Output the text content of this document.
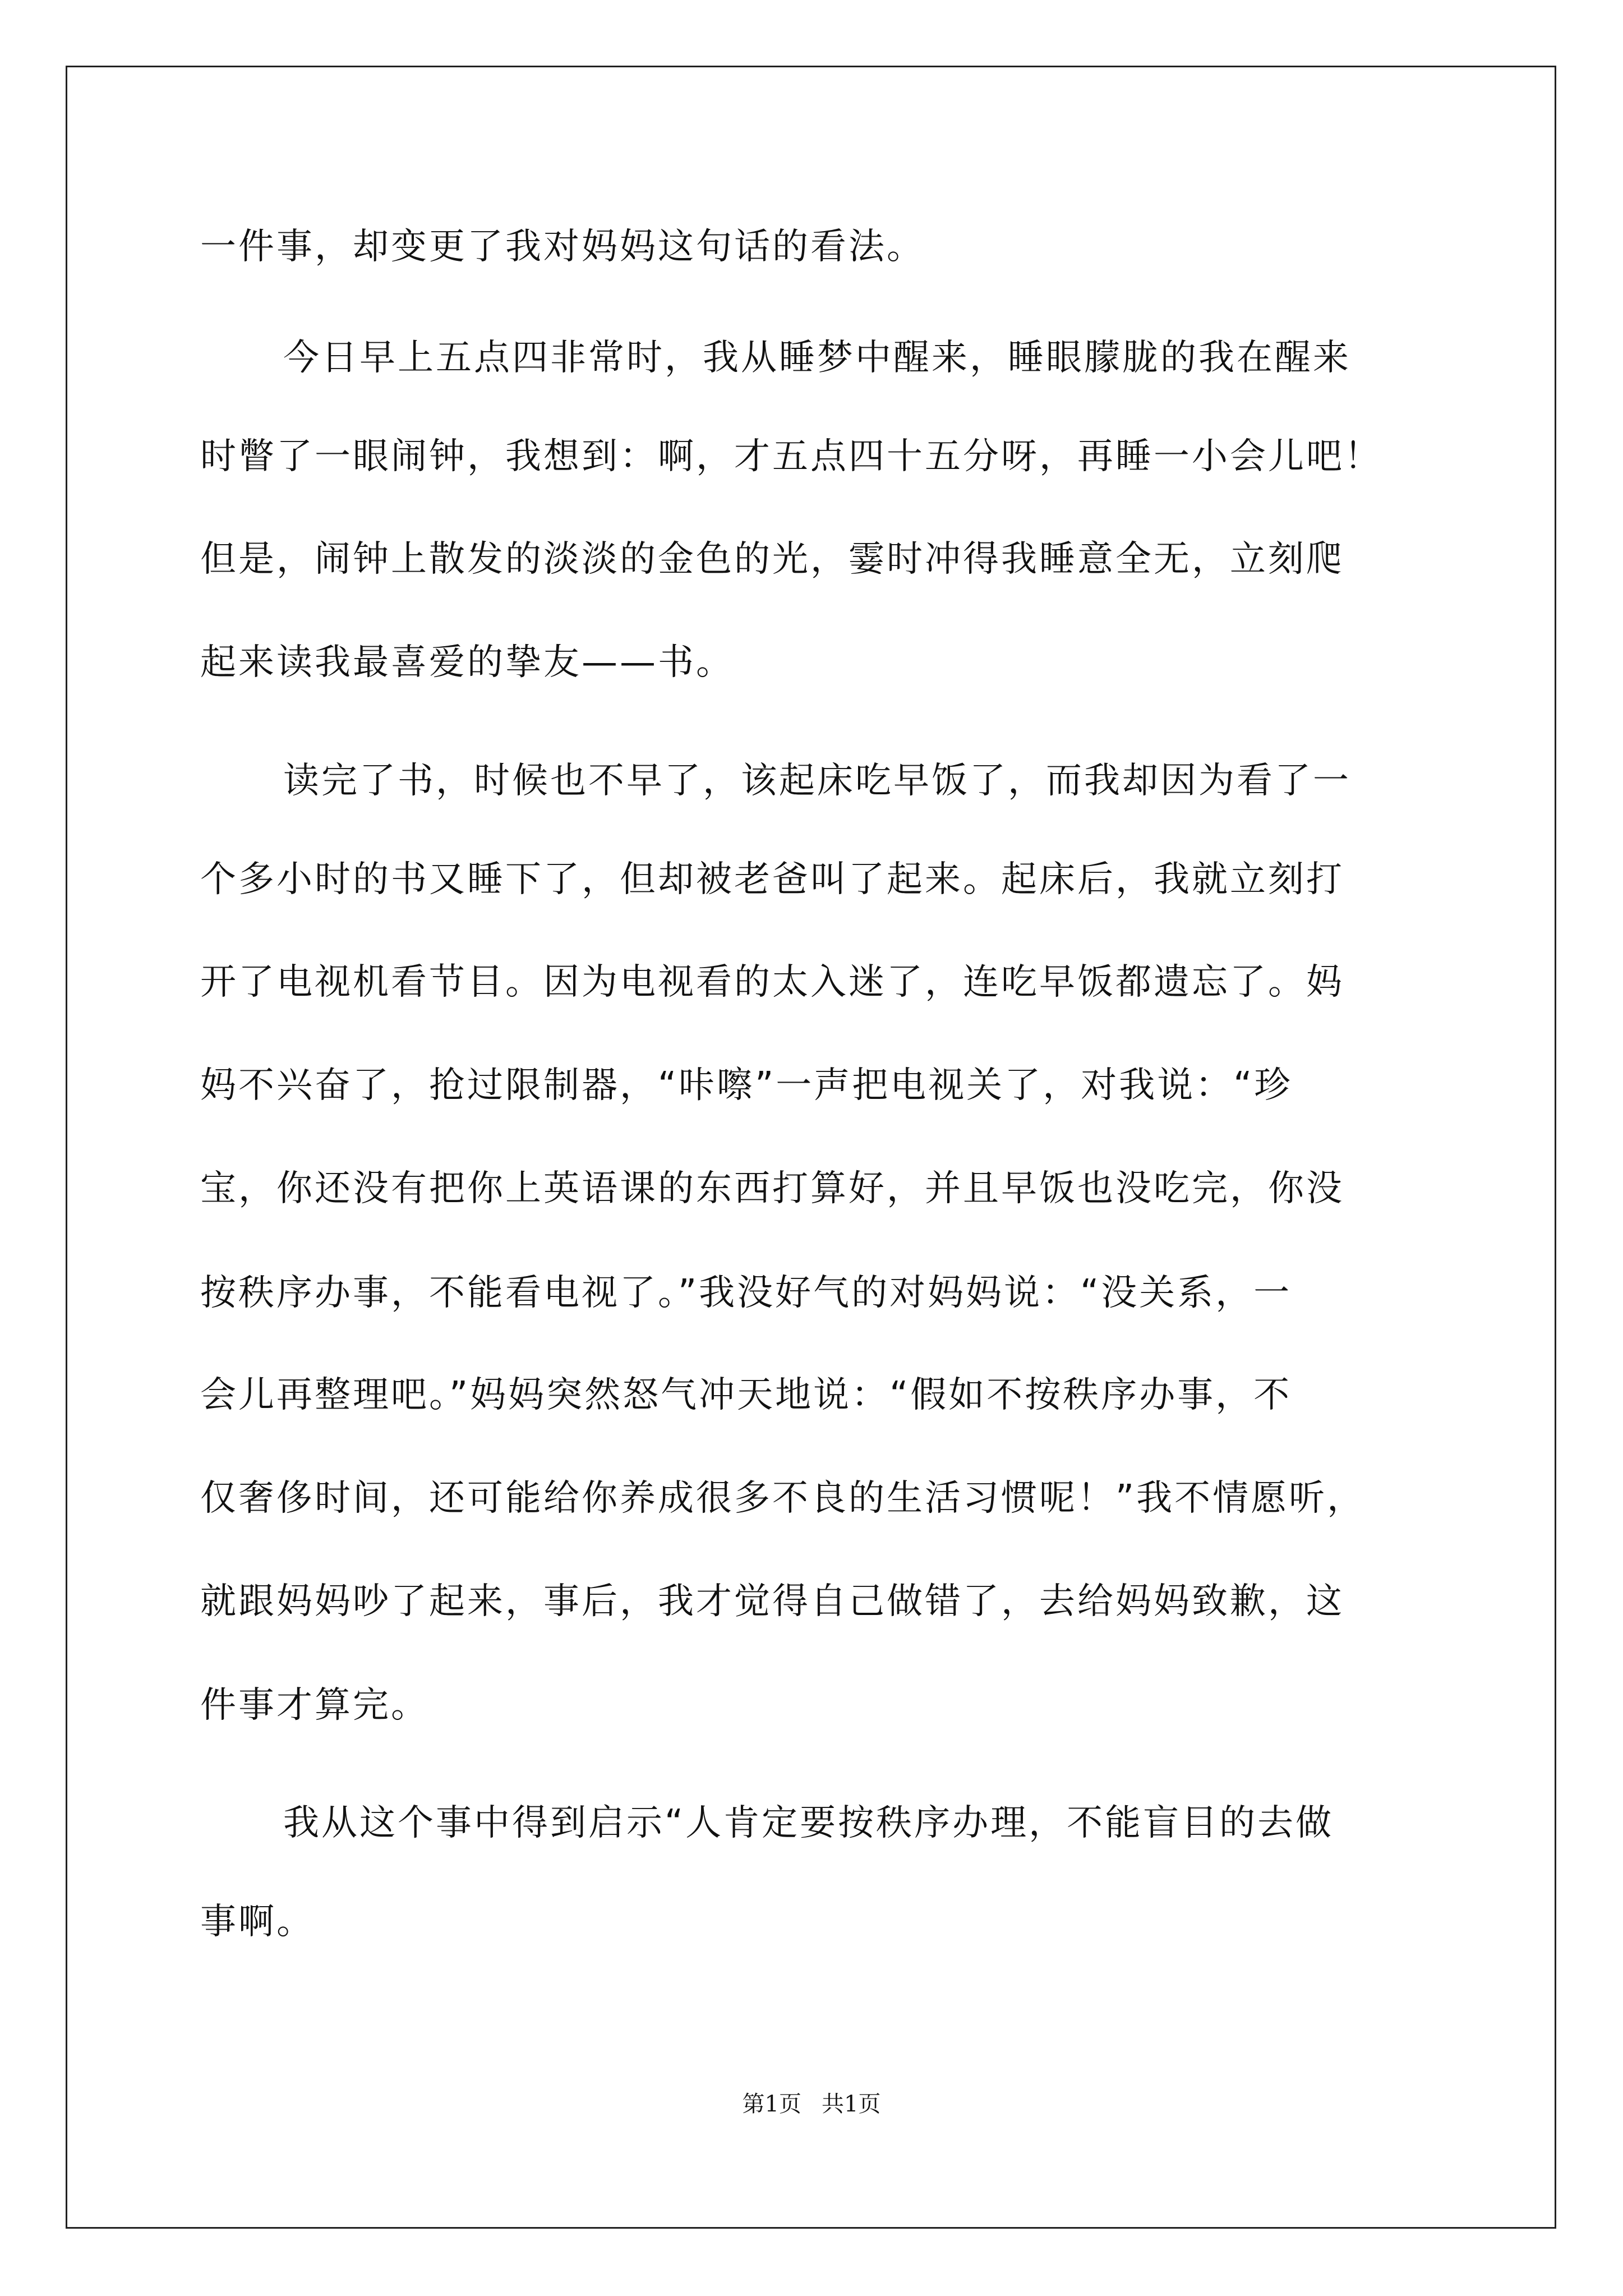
一件事，却变更了我对妈妈这句话的看法。
今日早上五点四非常时，我从睡梦中醒来，睡眼朦胧的我在醒来
时瞥了一眼闹钟，我想到：啊，才五点四十五分呀，再睡一小会儿吧！
但是，闹钟上散发的淡淡的金色的光，霎时冲得我睡意全无，立刻爬
起来读我最喜爱的挚友——书。
读完了书，时候也不早了，该起床吃早饭了，而我却因为看了一
个多小时的书又睡下了，但却被老爸叫了起来。起床后，我就立刻打
开了电视机看节目。因为电视看的太入迷了，连吃早饭都遗忘了。妈
妈不兴奋了，抢过限制器，“咔嚓”一声把电视关了，对我说：“珍
宝，你还没有把你上英语课的东西打算好，并且早饭也没吃完，你没
按秩序办事，不能看电视了。”我没好气的对妈妈说：“没关系，一
会儿再整理吧。”妈妈突然怒气冲天地说：“假如不按秩序办事，不
仅奢侈时间，还可能给你养成很多不良的生活习惯呢！”我不情愿听，
就跟妈妈吵了起来，事后，我才觉得自己做错了，去给妈妈致歉，这
件事才算完。
我从这个事中得到启示“人肯定要按秩序办理，不能盲目的去做
事啊。
第1页 共1页
